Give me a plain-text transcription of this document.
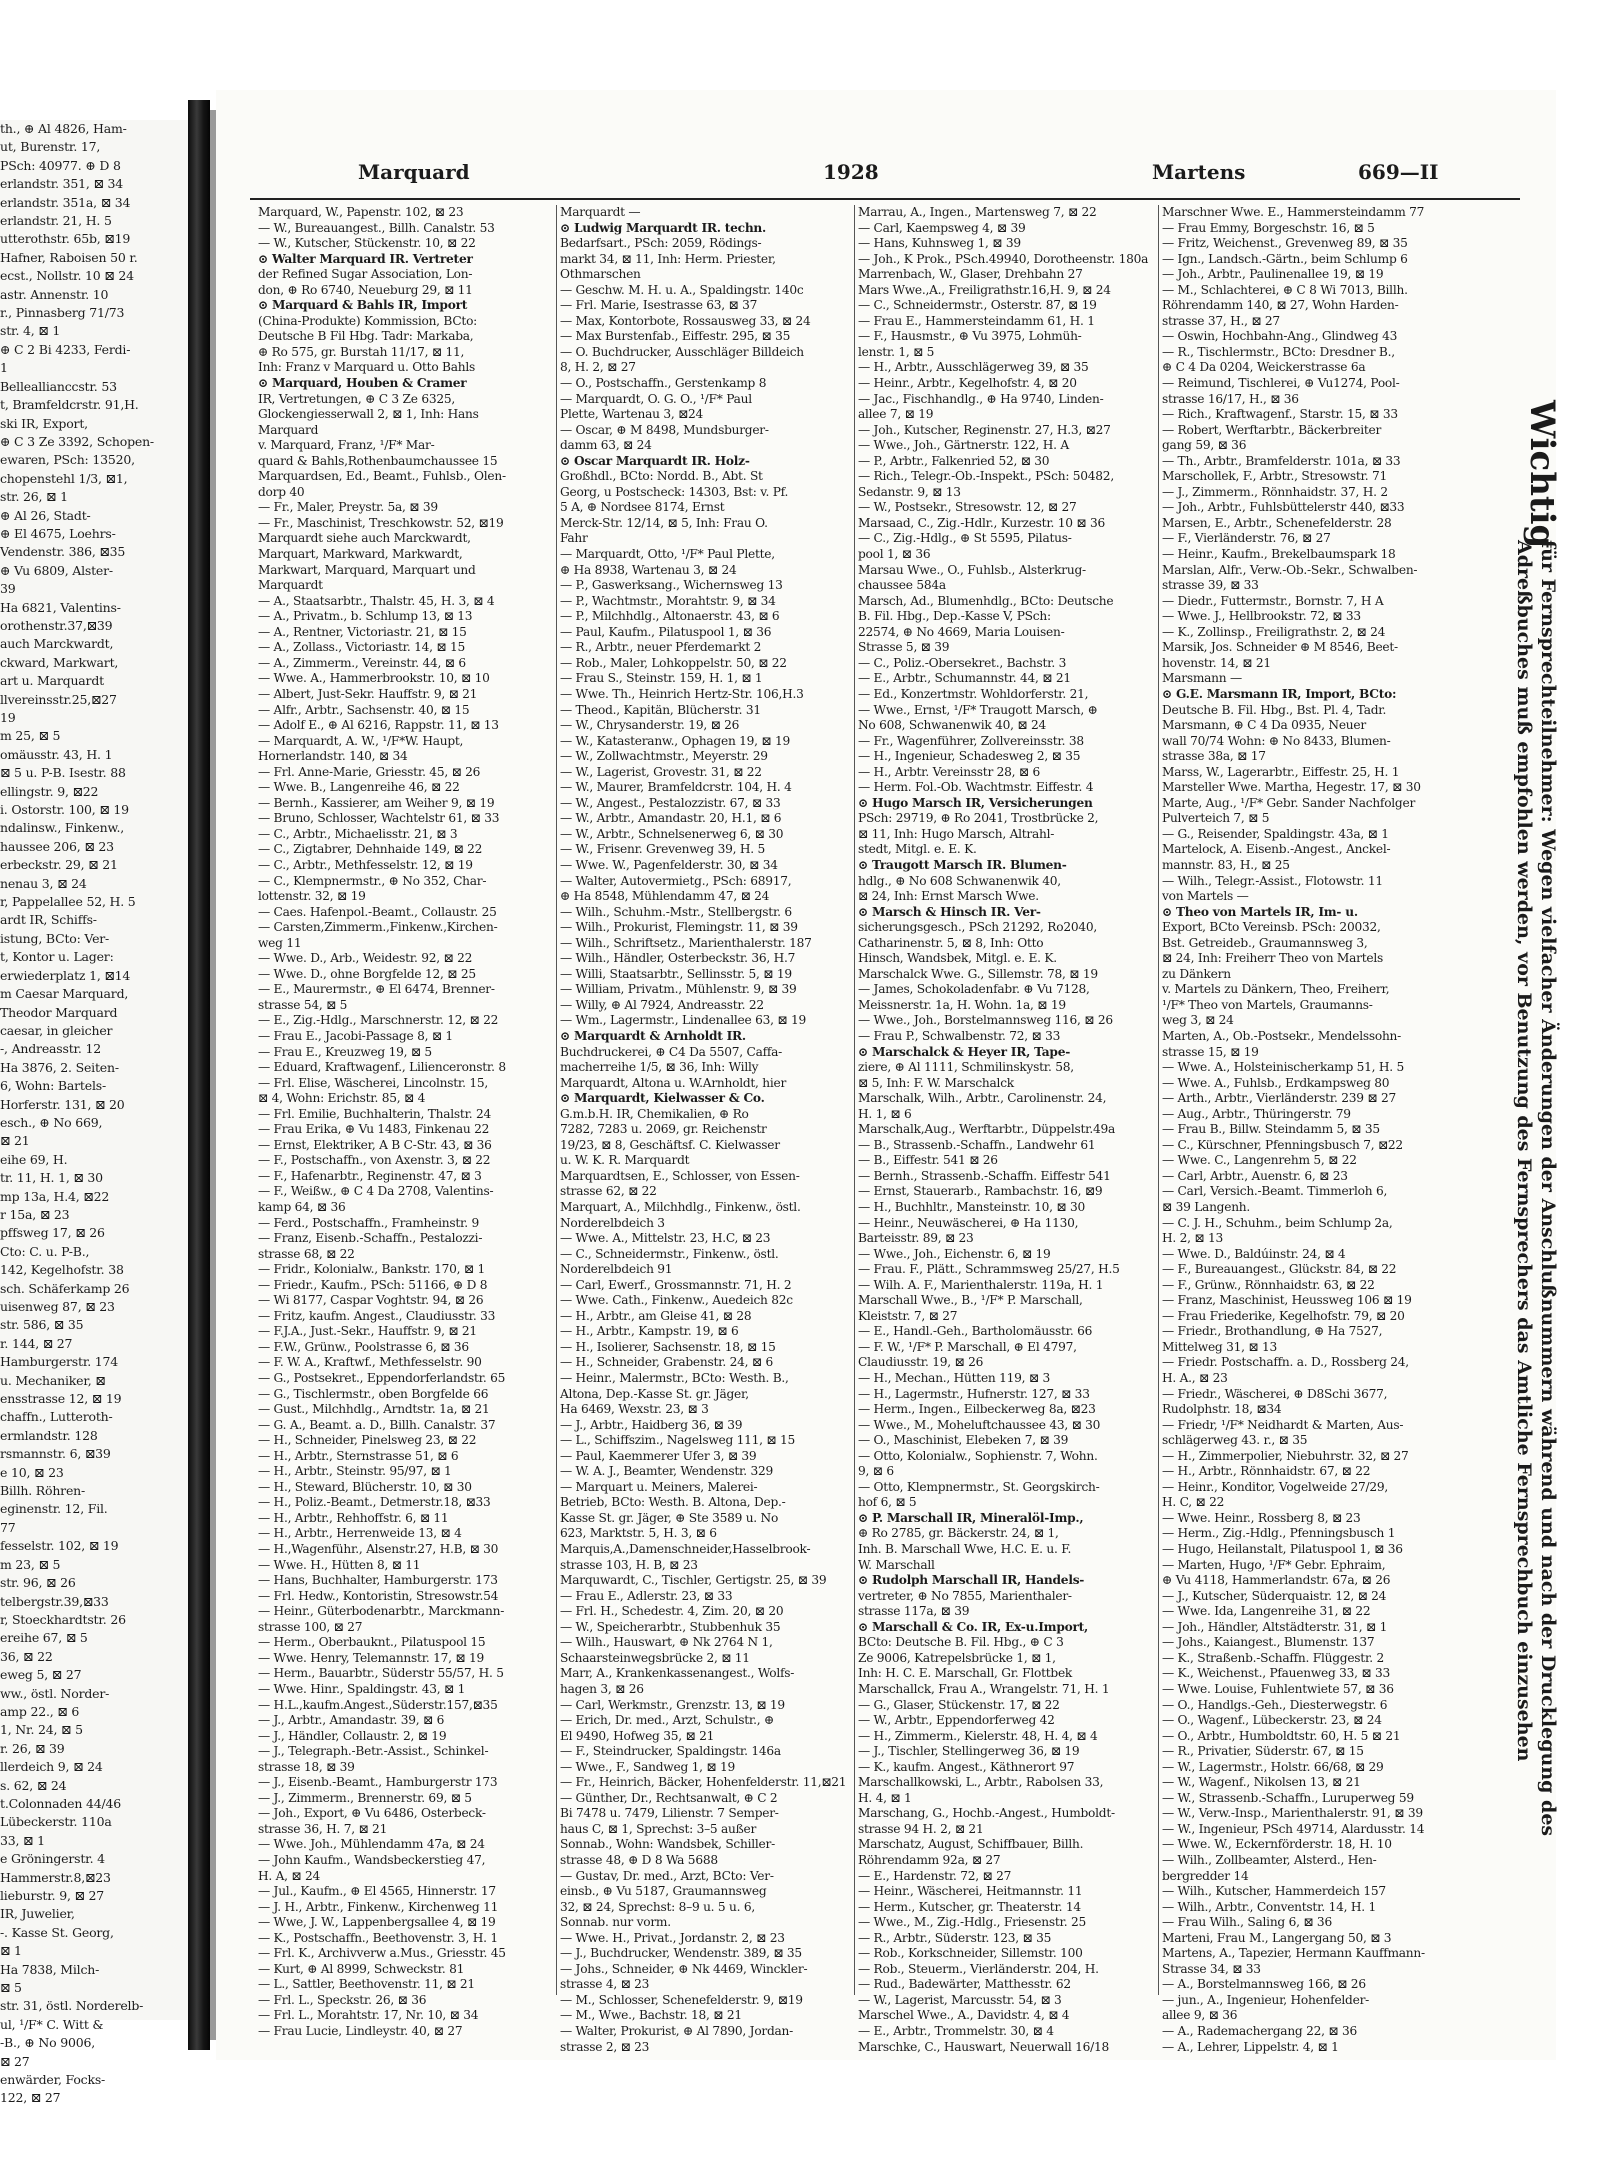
th., ⊕ Al 4826, Ham-
ut, Burenstr. 17,
PSch: 40977. ⊕ D 8
erlandstr. 351, ⊠ 34
erlandstr. 351a, ⊠ 34
erlandstr. 21, H. 5
utterothstr. 65b, ⊠19
Hafner, Raboisen 50 r.
ecst., Nollstr. 10 ⊠ 24
astr. Annenstr. 10
r., Pinnasberg 71/73
str. 4, ⊠ 1
⊕ C 2 Bi 4233, Ferdi-
1
Belleallianccstr. 53
t, Bramfeldcrstr. 91,H.
ski IR, Export,
⊕ C 3 Ze 3392, Schopen-
ewaren, PSch: 13520,
chopenstehl 1/3, ⊠1,
str. 26, ⊠ 1
⊕ Al 26, Stadt-
⊕ El 4675, Loehrs-
Vendenstr. 386, ⊠35
⊕ Vu 6809, Alster-
39
Ha 6821, Valentins-
orothenstr.37,⊠39
auch Marckwardt,
ckward, Markwart,
art u. Marquardt
llvereinsstr.25,⊠27
19
m 25, ⊠ 5
omäusstr. 43, H. 1
⊠ 5 u. P-B. Isestr. 88
ellingstr. 9, ⊠22
i. Ostorstr. 100, ⊠ 19
ndalinsw., Finkenw.,
haussee 206, ⊠ 23
erbeckstr. 29, ⊠ 21
nenau 3, ⊠ 24
r, Pappelallee 52, H. 5
ardt IR, Schiffs-
istung, BCto: Ver-
t, Kontor u. Lager:
erwiederplatz 1, ⊠14
m Caesar Marquard,
Theodor Marquard
caesar, in gleicher
-, Andreasstr. 12
Ha 3876, 2. Seiten-
6, Wohn: Bartels-
Horferstr. 131, ⊠ 20
esch., ⊕ No 669,
⊠ 21
eihe 69, H.
tr. 11, H. 1, ⊠ 30
mp 13a, H.4, ⊠22
r 15a, ⊠ 23
pffsweg 17, ⊠ 26
Cto: C. u. P-B.,
142, Kegelhofstr. 38
sch. Schäferkamp 26
uisenweg 87, ⊠ 23
str. 586, ⊠ 35
r. 144, ⊠ 27
Hamburgerstr. 174
u. Mechaniker, ⊠
ensstrasse 12, ⊠ 19
chaffn., Lutteroth-
ermlandstr. 128
rsmannstr. 6, ⊠39
e 10, ⊠ 23
Billh. Röhren-
eginenstr. 12, Fil.
77
fesselstr. 102, ⊠ 19
m 23, ⊠ 5
str. 96, ⊠ 26
telbergstr.39,⊠33
r, Stoeckhardtstr. 26
ereihe 67, ⊠ 5
36, ⊠ 22
eweg 5, ⊠ 27
ww., östl. Norder-
amp 22., ⊠ 6
1, Nr. 24, ⊠ 5
r. 26, ⊠ 39
llerdeich 9, ⊠ 24
s. 62, ⊠ 24
t.Colonnaden 44/46
Lübeckerstr. 110a
33, ⊠ 1
e Gröningerstr. 4
Hammerstr.8,⊠23
lieburstr. 9, ⊠ 27
IR, Juwelier,
-. Kasse St. Georg,
⊠ 1
Ha 7838, Milch-
⊠ 5
str. 31, östl. Norderelb-
ul, ¹/F* C. Witt &
-B., ⊕ No 9006,
⊠ 27
enwärder, Focks-
122, ⊠ 27
Marquard	1928	Martens	669—II
Marquard, W., Papenstr. 102, ⊠ 23
— W., Bureauangest., Billh. Canalstr. 53
— W., Kutscher, Stückenstr. 10, ⊠ 22
⊙ Walter Marquard IR. Vertreter
der Refined Sugar Association, Lon-
don, ⊕ Ro 6740, Neueburg 29, ⊠ 11
⊙ Marquard & Bahls IR, Import
(China-Produkte) Kommission, BCto:
Deutsche B Fil Hbg. Tadr: Markaba,
⊕ Ro 575, gr. Burstah 11/17, ⊠ 11,
Inh: Franz v Marquard u. Otto Bahls
⊙ Marquard, Houben & Cramer
IR, Vertretungen, ⊕ C 3 Ze 6325,
Glockengiesserwall 2, ⊠ 1, Inh: Hans
Marquard
v. Marquard, Franz, ¹/F* Mar-
quard & Bahls,Rothenbaumchaussee 15
Marquardsen, Ed., Beamt., Fuhlsb., Olen-
dorp 40
— Fr., Maler, Preystr. 5a, ⊠ 39
— Fr., Maschinist, Treschkowstr. 52, ⊠19
Marquardt siehe auch Marckwardt,
Marquart, Markward, Markwardt,
Markwart, Marquard, Marquart und
Marquardt
— A., Staatsarbtr., Thalstr. 45, H. 3, ⊠ 4
— A., Privatm., b. Schlump 13, ⊠ 13
— A., Rentner, Victoriastr. 21, ⊠ 15
— A., Zollass., Victoriastr. 14, ⊠ 15
— A., Zimmerm., Vereinstr. 44, ⊠ 6
— Wwe. A., Hammerbrookstr. 10, ⊠ 10
— Albert, Just-Sekr. Hauffstr. 9, ⊠ 21
— Alfr., Arbtr., Sachsenstr. 40, ⊠ 15
— Adolf E., ⊕ Al 6216, Rappstr. 11, ⊠ 13
— Marquardt, A. W., ¹/F*W. Haupt,
Hornerlandstr. 140, ⊠ 34
— Frl. Anne-Marie, Griesstr. 45, ⊠ 26
— Wwe. B., Langenreihe 46, ⊠ 22
— Bernh., Kassierer, am Weiher 9, ⊠ 19
— Bruno, Schlosser, Wachtelstr 61, ⊠ 33
— C., Arbtr., Michaelisstr. 21, ⊠ 3
— C., Zigtabrer, Dehnhaide 149, ⊠ 22
— C., Arbtr., Methfesselstr. 12, ⊠ 19
— C., Klempnermstr., ⊕ No 352, Char-
lottenstr. 32, ⊠ 19
— Caes. Hafenpol.-Beamt., Collaustr. 25
— Carsten,Zimmerm.,Finkenw.,Kirchen-
weg 11
— Wwe. D., Arb., Weidestr. 92, ⊠ 22
— Wwe. D., ohne Borgfelde 12, ⊠ 25
— E., Maurermstr., ⊕ El 6474, Brenner-
strasse 54, ⊠ 5
— E., Zig.-Hdlg., Marschnerstr. 12, ⊠ 22
— Frau E., Jacobi-Passage 8, ⊠ 1
— Frau E., Kreuzweg 19, ⊠ 5
— Eduard, Kraftwagenf., Lilienceronstr. 8
— Frl. Elise, Wäscherei, Lincolnstr. 15,
⊠ 4, Wohn: Erichstr. 85, ⊠ 4
— Frl. Emilie, Buchhalterin, Thalstr. 24
— Frau Erika, ⊕ Vu 1483, Finkenau 22
— Ernst, Elektriker, A B C-Str. 43, ⊠ 36
— F., Postschaffn., von Axenstr. 3, ⊠ 22
— F., Hafenarbtr., Reginenstr. 47, ⊠ 3
— F., Weißw., ⊕ C 4 Da 2708, Valentins-
kamp 64, ⊠ 36
— Ferd., Postschaffn., Framheinstr. 9
— Franz, Eisenb.-Schaffn., Pestalozzi-
strasse 68, ⊠ 22
— Fridr., Kolonialw., Bankstr. 170, ⊠ 1
— Friedr., Kaufm., PSch: 51166, ⊕ D 8
— Wi 8177, Caspar Voghtstr. 94, ⊠ 26
— Fritz, kaufm. Angest., Claudiusstr. 33
— F.J.A., Just.-Sekr., Hauffstr. 9, ⊠ 21
— F.W., Grünw., Poolstrasse 6, ⊠ 36
— F. W. A., Kraftwf., Methfesselstr. 90
— G., Postsekret., Eppendorferlandstr. 65
— G., Tischlermstr., oben Borgfelde 66
— Gust., Milchhdlg., Arndtstr. 1a, ⊠ 21
— G. A., Beamt. a. D., Billh. Canalstr. 37
— H., Schneider, Pinelsweg 23, ⊠ 22
— H., Arbtr., Sternstrasse 51, ⊠ 6
— H., Arbtr., Steinstr. 95/97, ⊠ 1
— H., Steward, Blücherstr. 10, ⊠ 30
— H., Poliz.-Beamt., Detmerstr.18, ⊠33
— H., Arbtr., Rehhoffstr. 6, ⊠ 11
— H., Arbtr., Herrenweide 13, ⊠ 4
— H.,Wagenführ., Alsenstr.27, H.B, ⊠ 30
— Wwe. H., Hütten 8, ⊠ 11
— Hans, Buchhalter, Hamburgerstr. 173
— Frl. Hedw., Kontoristin, Stresowstr.54
— Heinr., Güterbodenarbtr., Marckmann-
strasse 100, ⊠ 27
— Herm., Oberbauknt., Pilatuspool 15
— Wwe. Henry, Telemannstr. 17, ⊠ 19
— Herm., Bauarbtr., Süderstr 55/57, H. 5
— Wwe. Hinr., Spaldingstr. 43, ⊠ 1
— H.L.,kaufm.Angest.,Süderstr.157,⊠35
— J., Arbtr., Amandastr. 39, ⊠ 6
— J., Händler, Collaustr. 2, ⊠ 19
— J., Telegraph.-Betr.-Assist., Schinkel-
strasse 18, ⊠ 39
— J., Eisenb.-Beamt., Hamburgerstr 173
— J., Zimmerm., Brennerstr. 69, ⊠ 5
— Joh., Export, ⊕ Vu 6486, Osterbeck-
strasse 36, H. 7, ⊠ 21
— Wwe. Joh., Mühlendamm 47a, ⊠ 24
— John Kaufm., Wandsbeckerstieg 47,
H. A, ⊠ 24
— Jul., Kaufm., ⊕ El 4565, Hinnerstr. 17
— J. H., Arbtr., Finkenw., Kirchenweg 11
— Wwe, J. W., Lappenbergsallee 4, ⊠ 19
— K., Postschaffn., Beethovenstr. 3, H. 1
— Frl. K., Archivverw a.Mus., Griesstr. 45
— Kurt, ⊕ Al 8999, Schweckstr. 81
— L., Sattler, Beethovenstr. 11, ⊠ 21
— Frl. L., Speckstr. 26, ⊠ 36
— Frl. L., Morahtstr. 17, Nr. 10, ⊠ 34
— Frau Lucie, Lindleystr. 40, ⊠ 27
Marquardt —
⊙ Ludwig Marquardt IR. techn.
Bedarfsart., PSch: 2059, Rödings-
markt 34, ⊠ 11, Inh: Herm. Priester,
Othmarschen
— Geschw. M. H. u. A., Spaldingstr. 140c
— Frl. Marie, Isestrasse 63, ⊠ 37
— Max, Kontorbote, Rossausweg 33, ⊠ 24
— Max Burstenfab., Eiffestr. 295, ⊠ 35
— O. Buchdrucker, Ausschläger Billdeich
8, H. 2, ⊠ 27
— O., Postschaffn., Gerstenkamp 8
— Marquardt, O. G. O., ¹/F* Paul
Plette, Wartenau 3, ⊠24
— Oscar, ⊕ M 8498, Mundsburger-
damm 63, ⊠ 24
⊙ Oscar Marquardt IR. Holz-
Großhdl., BCto: Nordd. B., Abt. St
Georg, u Postscheck: 14303, Bst: v. Pf.
5 A, ⊕ Nordsee 8174, Ernst
Merck-Str. 12/14, ⊠ 5, Inh: Frau O.
Fahr
— Marquardt, Otto, ¹/F* Paul Plette,
⊕ Ha 8938, Wartenau 3, ⊠ 24
— P., Gaswerksang., Wichernsweg 13
— P., Wachtmstr., Morahtstr. 9, ⊠ 34
— P., Milchhdlg., Altonaerstr. 43, ⊠ 6
— Paul, Kaufm., Pilatuspool 1, ⊠ 36
— R., Arbtr., neuer Pferdemarkt 2
— Rob., Maler, Lohkoppelstr. 50, ⊠ 22
— Frau S., Steinstr. 159, H. 1, ⊠ 1
— Wwe. Th., Heinrich Hertz-Str. 106,H.3
— Theod., Kapitän, Blücherstr. 31
— W., Chrysanderstr. 19, ⊠ 26
— W., Katasteranw., Ophagen 19, ⊠ 19
— W., Zollwachtmstr., Meyerstr. 29
— W., Lagerist, Grovestr. 31, ⊠ 22
— W., Maurer, Bramfeldcrstr. 104, H. 4
— W., Angest., Pestalozzistr. 67, ⊠ 33
— W., Arbtr., Amandastr. 20, H.1, ⊠ 6
— W., Arbtr., Schnelsenerweg 6, ⊠ 30
— W., Frisenr. Grevenweg 39, H. 5
— Wwe. W., Pagenfelderstr. 30, ⊠ 34
— Walter, Autovermietg., PSch: 68917,
⊕ Ha 8548, Mühlendamm 47, ⊠ 24
— Wilh., Schuhm.-Mstr., Stellbergstr. 6
— Wilh., Prokurist, Flemingstr. 11, ⊠ 39
— Wilh., Schriftsetz., Marienthalerstr. 187
— Wilh., Händler, Osterbeckstr. 36, H.7
— Willi, Staatsarbtr., Sellinsstr. 5, ⊠ 19
— William, Privatm., Mühlenstr. 9, ⊠ 39
— Willy, ⊕ Al 7924, Andreasstr. 22
— Wm., Lagermstr., Lindenallee 63, ⊠ 19
⊙ Marquardt & Arnholdt IR.
Buchdruckerei, ⊕ C4 Da 5507, Caffa-
macherreihe 1/5, ⊠ 36, Inh: Willy
Marquardt, Altona u. W.Arnholdt, hier
⊙ Marquardt, Kielwasser & Co.
G.m.b.H. IR, Chemikalien, ⊕ Ro
7282, 7283 u. 2069, gr. Reichenstr
19/23, ⊠ 8, Geschäftsf. C. Kielwasser
u. W. K. R. Marquardt
Marquardtsen, E., Schlosser, von Essen-
strasse 62, ⊠ 22
Marquart, A., Milchhdlg., Finkenw., östl.
Norderelbdeich 3
— Wwe. A., Mittelstr. 23, H.C, ⊠ 23
— C., Schneidermstr., Finkenw., östl.
Norderelbdeich 91
— Carl, Ewerf., Grossmannstr. 71, H. 2
— Wwe. Cath., Finkenw., Auedeich 82c
— H., Arbtr., am Gleise 41, ⊠ 28
— H., Arbtr., Kampstr. 19, ⊠ 6
— H., Isolierer, Sachsenstr. 18, ⊠ 15
— H., Schneider, Grabenstr. 24, ⊠ 6
— Heinr., Malermstr., BCto: Westh. B.,
Altona, Dep.-Kasse St. gr. Jäger,
Ha 6469, Wexstr. 23, ⊠ 3
— J., Arbtr., Haidberg 36, ⊠ 39
— L., Schiffszim., Nagelsweg 111, ⊠ 15
— Paul, Kaemmerer Ufer 3, ⊠ 39
— W. A. J., Beamter, Wendenstr. 329
— Marquart u. Meiners, Malerei-
Betrieb, BCto: Westh. B. Altona, Dep.-
Kasse St. gr. Jäger, ⊕ Ste 3589 u. No
623, Marktstr. 5, H. 3, ⊠ 6
Marquis,A.,Damenschneider,Hasselbrook-
strasse 103, H. B, ⊠ 23
Marquwardt, C., Tischler, Gertigstr. 25, ⊠ 39
— Frau E., Adlerstr. 23, ⊠ 33
— Frl. H., Schedestr. 4, Zim. 20, ⊠ 20
— W., Speicherarbtr., Stubbenhuk 35
— Wilh., Hauswart, ⊕ Nk 2764 N 1,
Schaarsteinwegsbrücke 2, ⊠ 11
Marr, A., Krankenkassenangest., Wolfs-
hagen 3, ⊠ 26
— Carl, Werkmstr., Grenzstr. 13, ⊠ 19
— Erich, Dr. med., Arzt, Schulstr., ⊕
El 9490, Hofweg 35, ⊠ 21
— F., Steindrucker, Spaldingstr. 146a
— Wwe., F., Sandweg 1, ⊠ 19
— Fr., Heinrich, Bäcker, Hohenfelderstr. 11,⊠21
— Günther, Dr., Rechtsanwalt, ⊕ C 2
Bi 7478 u. 7479, Lilienstr. 7 Semper-
haus C, ⊠ 1, Sprechst: 3–5 außer
Sonnab., Wohn: Wandsbek, Schiller-
strasse 48, ⊕ D 8 Wa 5688
— Gustav, Dr. med., Arzt, BCto: Ver-
einsb., ⊕ Vu 5187, Graumannsweg
32, ⊠ 24, Sprechst: 8–9 u. 5 u. 6,
Sonnab. nur vorm.
— Wwe. H., Privat., Jordanstr. 2, ⊠ 23
— J., Buchdrucker, Wendenstr. 389, ⊠ 35
— Johs., Schneider, ⊕ Nk 4469, Winckler-
strasse 4, ⊠ 23
— M., Schlosser, Schenefelderstr. 9, ⊠19
— M., Wwe., Bachstr. 18, ⊠ 21
— Walter, Prokurist, ⊕ Al 7890, Jordan-
strasse 2, ⊠ 23
Marrau, A., Ingen., Martensweg 7, ⊠ 22
— Carl, Kaempsweg 4, ⊠ 39
— Hans, Kuhnsweg 1, ⊠ 39
— Joh., K Prok., PSch.49940, Dorotheenstr. 180a
Marrenbach, W., Glaser, Drehbahn 27
Mars Wwe.,A., Freiligrathstr.16,H. 9, ⊠ 24
— C., Schneidermstr., Osterstr. 87, ⊠ 19
— Frau E., Hammersteindamm 61, H. 1
— F., Hausmstr., ⊕ Vu 3975, Lohmüh-
lenstr. 1, ⊠ 5
— H., Arbtr., Ausschlägerweg 39, ⊠ 35
— Heinr., Arbtr., Kegelhofstr. 4, ⊠ 20
— Jac., Fischhandlg., ⊕ Ha 9740, Linden-
allee 7, ⊠ 19
— Joh., Kutscher, Reginenstr. 27, H.3, ⊠27
— Wwe., Joh., Gärtnerstr. 122, H. A
— P., Arbtr., Falkenried 52, ⊠ 30
— Rich., Telegr.-Ob.-Inspekt., PSch: 50482,
Sedanstr. 9, ⊠ 13
— W., Postsekr., Stresowstr. 12, ⊠ 27
Marsaad, C., Zig.-Hdlr., Kurzestr. 10 ⊠ 36
— C., Zig.-Hdlg., ⊕ St 5595, Pilatus-
pool 1, ⊠ 36
Marsau Wwe., O., Fuhlsb., Alsterkrug-
chaussee 584a
Marsch, Ad., Blumenhdlg., BCto: Deutsche
B. Fil. Hbg., Dep.-Kasse V, PSch:
22574, ⊕ No 4669, Maria Louisen-
Strasse 5, ⊠ 39
— C., Poliz.-Obersekret., Bachstr. 3
— E., Arbtr., Schumannstr. 44, ⊠ 21
— Ed., Konzertmstr. Wohldorferstr. 21,
— Wwe., Ernst, ¹/F* Traugott Marsch, ⊕
No 608, Schwanenwik 40, ⊠ 24
— Fr., Wagenführer, Zollvereinsstr. 38
— H., Ingenieur, Schadesweg 2, ⊠ 35
— H., Arbtr. Vereinsstr 28, ⊠ 6
— Herm. Fol.-Ob. Wachtmstr. Eiffestr. 4
⊙ Hugo Marsch IR, Versicherungen
PSch: 29719, ⊕ Ro 2041, Trostbrücke 2,
⊠ 11, Inh: Hugo Marsch, Altrahl-
stedt, Mitgl. e. E. K.
⊙ Traugott Marsch IR. Blumen-
hdlg., ⊕ No 608 Schwanenwik 40,
⊠ 24, Inh: Ernst Marsch Wwe.
⊙ Marsch & Hinsch IR. Ver-
sicherungsgesch., PSch 21292, Ro2040,
Catharinenstr. 5, ⊠ 8, Inh: Otto
Hinsch, Wandsbek, Mitgl. e. E. K.
Marschalck Wwe. G., Sillemstr. 78, ⊠ 19
— James, Schokoladenfabr. ⊕ Vu 7128,
Meissnerstr. 1a, H. Wohn. 1a, ⊠ 19
— Wwe., Joh., Borstelmannsweg 116, ⊠ 26
— Frau P., Schwalbenstr. 72, ⊠ 33
⊙ Marschalck & Heyer IR, Tape-
ziere, ⊕ Al 1111, Schmilinskystr. 58,
⊠ 5, Inh: F. W. Marschalck
Marschalk, Wilh., Arbtr., Carolinenstr. 24,
H. 1, ⊠ 6
Marschalk,Aug., Werftarbtr., Düppelstr.49a
— B., Strassenb.-Schaffn., Landwehr 61
— B., Eiffestr. 541 ⊠ 26
— Bernh., Strassenb.-Schaffn. Eiffestr 541
— Ernst, Stauerarb., Rambachstr. 16, ⊠9
— H., Buchhltr., Mansteinstr. 10, ⊠ 30
— Heinr., Neuwäscherei, ⊕ Ha 1130,
Barteisstr. 89, ⊠ 23
— Wwe., Joh., Eichenstr. 6, ⊠ 19
— Frau. F., Plätt., Schrammsweg 25/27, H.5
— Wilh. A. F., Marienthalerstr. 119a, H. 1
Marschall Wwe., B., ¹/F* P. Marschall,
Kleiststr. 7, ⊠ 27
— E., Handl.-Geh., Bartholomäusstr. 66
— F. W., ¹/F* P. Marschall, ⊕ El 4797,
Claudiusstr. 19, ⊠ 26
— H., Mechan., Hütten 119, ⊠ 3
— H., Lagermstr., Hufnerstr. 127, ⊠ 33
— Herm., Ingen., Eilbeckerweg 8a, ⊠23
— Wwe., M., Moheluftchaussee 43, ⊠ 30
— O., Maschinist, Elebeken 7, ⊠ 39
— Otto, Kolonialw., Sophienstr. 7, Wohn.
9, ⊠ 6
— Otto, Klempnermstr., St. Georgskirch-
hof 6, ⊠ 5
⊙ P. Marschall IR, Mineralöl-Imp.,
⊕ Ro 2785, gr. Bäckerstr. 24, ⊠ 1,
Inh. B. Marschall Wwe, H.C. E. u. F.
W. Marschall
⊙ Rudolph Marschall IR, Handels-
vertreter, ⊕ No 7855, Marienthaler-
strasse 117a, ⊠ 39
⊙ Marschall & Co. IR, Ex-u.Import,
BCto: Deutsche B. Fil. Hbg., ⊕ C 3
Ze 9006, Katrepelsbrücke 1, ⊠ 1,
Inh: H. C. E. Marschall, Gr. Flottbek
Marschallck, Frau A., Wrangelstr. 71, H. 1
— G., Glaser, Stückenstr. 17, ⊠ 22
— W., Arbtr., Eppendorferweg 42
— H., Zimmerm., Kielerstr. 48, H. 4, ⊠ 4
— J., Tischler, Stellingerweg 36, ⊠ 19
— K., kaufm. Angest., Käthnerort 97
Marschallkowski, L., Arbtr., Rabolsen 33,
H. 4, ⊠ 1
Marschang, G., Hochb.-Angest., Humboldt-
strasse 94 H. 2, ⊠ 21
Marschatz, August, Schiffbauer, Billh.
Röhrendamm 92a, ⊠ 27
— E., Hardenstr. 72, ⊠ 27
— Heinr., Wäscherei, Heitmannstr. 11
— Herm., Kutscher, gr. Theaterstr. 14
— Wwe., M., Zig.-Hdlg., Friesenstr. 25
— R., Arbtr., Süderstr. 123, ⊠ 35
— Rob., Korkschneider, Sillemstr. 100
— Rob., Steuerm., Vierländerstr. 204, H.
— Rud., Badewärter, Matthesstr. 62
— W., Lagerist, Marcusstr. 54, ⊠ 3
Marschel Wwe., A., Davidstr. 4, ⊠ 4
— E., Arbtr., Trommelstr. 30, ⊠ 4
Marschke, C., Hauswart, Neuerwall 16/18
Marschner Wwe. E., Hammersteindamm 77
— Frau Emmy, Borgeschstr. 16, ⊠ 5
— Fritz, Weichenst., Grevenweg 89, ⊠ 35
— Ign., Landsch.-Gärtn., beim Schlump 6
— Joh., Arbtr., Paulinenallee 19, ⊠ 19
— M., Schlachterei, ⊕ C 8 Wi 7013, Billh.
Röhrendamm 140, ⊠ 27, Wohn Harden-
strasse 37, H., ⊠ 27
— Oswin, Hochbahn-Ang., Glindweg 43
— R., Tischlermstr., BCto: Dresdner B.,
⊕ C 4 Da 0204, Weickerstrasse 6a
— Reimund, Tischlerei, ⊕ Vu1274, Pool-
strasse 16/17, H., ⊠ 36
— Rich., Kraftwagenf., Starstr. 15, ⊠ 33
— Robert, Werftarbtr., Bäckerbreiter
gang 59, ⊠ 36
— Th., Arbtr., Bramfelderstr. 101a, ⊠ 33
Marschollek, F., Arbtr., Stresowstr. 71
— J., Zimmerm., Rönnhaidstr. 37, H. 2
— Joh., Arbtr., Fuhlsbüttelerstr 440, ⊠33
Marsen, E., Arbtr., Schenefelderstr. 28
— F., Vierländerstr. 76, ⊠ 27
— Heinr., Kaufm., Brekelbaumspark 18
Marslan, Alfr., Verw.-Ob.-Sekr., Schwalben-
strasse 39, ⊠ 33
— Diedr., Futtermstr., Bornstr. 7, H A
— Wwe. J., Hellbrookstr. 72, ⊠ 33
— K., Zollinsp., Freiligrathstr. 2, ⊠ 24
Marsik, Jos. Schneider ⊕ M 8546, Beet-
hovenstr. 14, ⊠ 21
Marsmann —
⊙ G.E. Marsmann IR, Import, BCto:
Deutsche B. Fil. Hbg., Bst. Pl. 4, Tadr.
Marsmann, ⊕ C 4 Da 0935, Neuer
wall 70/74 Wohn: ⊕ No 8433, Blumen-
strasse 38a, ⊠ 17
Marss, W., Lagerarbtr., Eiffestr. 25, H. 1
Marsteller Wwe. Martha, Hegestr. 17, ⊠ 30
Marte, Aug., ¹/F* Gebr. Sander Nachfolger
Pulverteich 7, ⊠ 5
— G., Reisender, Spaldingstr. 43a, ⊠ 1
Martelock, A. Eisenb.-Angest., Anckel-
mannstr. 83, H., ⊠ 25
— Wilh., Telegr.-Assist., Flotowstr. 11
von Martels —
⊙ Theo von Martels IR, Im- u.
Export, BCto Vereinsb. PSch: 20032,
Bst. Getreideb., Graumannsweg 3,
⊠ 24, Inh: Freiherr Theo von Martels
zu Dänkern
v. Martels zu Dänkern, Theo, Freiherr,
¹/F* Theo von Martels, Graumanns-
weg 3, ⊠ 24
Marten, A., Ob.-Postsekr., Mendelssohn-
strasse 15, ⊠ 19
— Wwe. A., Holsteinischerkamp 51, H. 5
— Wwe. A., Fuhlsb., Erdkampsweg 80
— Arth., Arbtr., Vierländerstr. 239 ⊠ 27
— Aug., Arbtr., Thüringerstr. 79
— Frau B., Billw. Steindamm 5, ⊠ 35
— C., Kürschner, Pfenningsbusch 7, ⊠22
— Wwe. C., Langenrehm 5, ⊠ 22
— Carl, Arbtr., Auenstr. 6, ⊠ 23
— Carl, Versich.-Beamt. Timmerloh 6,
⊠ 39 Langenh.
— C. J. H., Schuhm., beim Schlump 2a,
H. 2, ⊠ 13
— Wwe. D., Baldúinstr. 24, ⊠ 4
— F., Bureauangest., Glückstr. 84, ⊠ 22
— F., Grünw., Rönnhaidstr. 63, ⊠ 22
— Franz, Maschinist, Heussweg 106 ⊠ 19
— Frau Friederike, Kegelhofstr. 79, ⊠ 20
— Friedr., Brothandlung, ⊕ Ha 7527,
Mittelweg 31, ⊠ 13
— Friedr. Postschaffn. a. D., Rossberg 24,
H. A., ⊠ 23
— Friedr., Wäscherei, ⊕ D8Schi 3677,
Rudolphstr. 18, ⊠34
— Friedr, ¹/F* Neidhardt & Marten, Aus-
schlägerweg 43. r., ⊠ 35
— H., Zimmerpolier, Niebuhrstr. 32, ⊠ 27
— H., Arbtr., Rönnhaidstr. 67, ⊠ 22
— Heinr., Konditor, Vogelweide 27/29,
H. C, ⊠ 22
— Wwe. Heinr., Rossberg 8, ⊠ 23
— Herm., Zig.-Hdlg., Pfenningsbusch 1
— Hugo, Heilanstalt, Pilatuspool 1, ⊠ 36
— Marten, Hugo, ¹/F* Gebr. Ephraim,
⊕ Vu 4118, Hammerlandstr. 67a, ⊠ 26
— J., Kutscher, Süderquaistr. 12, ⊠ 24
— Wwe. Ida, Langenreihe 31, ⊠ 22
— Joh., Händler, Altstädterstr. 31, ⊠ 1
— Johs., Kaiangest., Blumenstr. 137
— K., Straßenb.-Schaffn. Flüggestr. 2
— K., Weichenst., Pfauenweg 33, ⊠ 33
— Wwe. Louise, Fuhlentwiete 57, ⊠ 36
— O., Handlgs.-Geh., Diesterwegstr. 6
— O., Wagenf., Lübeckerstr. 23, ⊠ 24
— O., Arbtr., Humboldtstr. 60, H. 5 ⊠ 21
— R., Privatier, Süderstr. 67, ⊠ 15
— W., Lagermstr., Holstr. 66/68, ⊠ 29
— W., Wagenf., Nikolsen 13, ⊠ 21
— W., Strassenb.-Schaffn., Luruperweg 59
— W., Verw.-Insp., Marienthalerstr. 91, ⊠ 39
— W., Ingenieur, PSch 49714, Alardusstr. 14
— Wwe. W., Eckernförderstr. 18, H. 10
— Wilh., Zollbeamter, Alsterd., Hen-
bergredder 14
— Wilh., Kutscher, Hammerdeich 157
— Wilh., Arbtr., Conventstr. 14, H. 1
— Frau Wilh., Saling 6, ⊠ 36
Marteni, Frau M., Langergang 50, ⊠ 3
Martens, A., Tapezier, Hermann Kauffmann-
Strasse 34, ⊠ 33
— A., Borstelmannsweg 166, ⊠ 26
— jun., A., Ingenieur, Hohenfelder-
allee 9, ⊠ 36
— A., Rademachergang 22, ⊠ 36
— A., Lehrer, Lippelstr. 4, ⊠ 1
Wichtig
für Fernsprechteilnehmer: Wegen vielfacher Änderungen der Anschlußnummern während und nach der Drucklegung des Adreßbuches muß empfohlen werden, vor Benutzung des Fernsprechers das Amtliche Fernsprechbuch einzusehen
